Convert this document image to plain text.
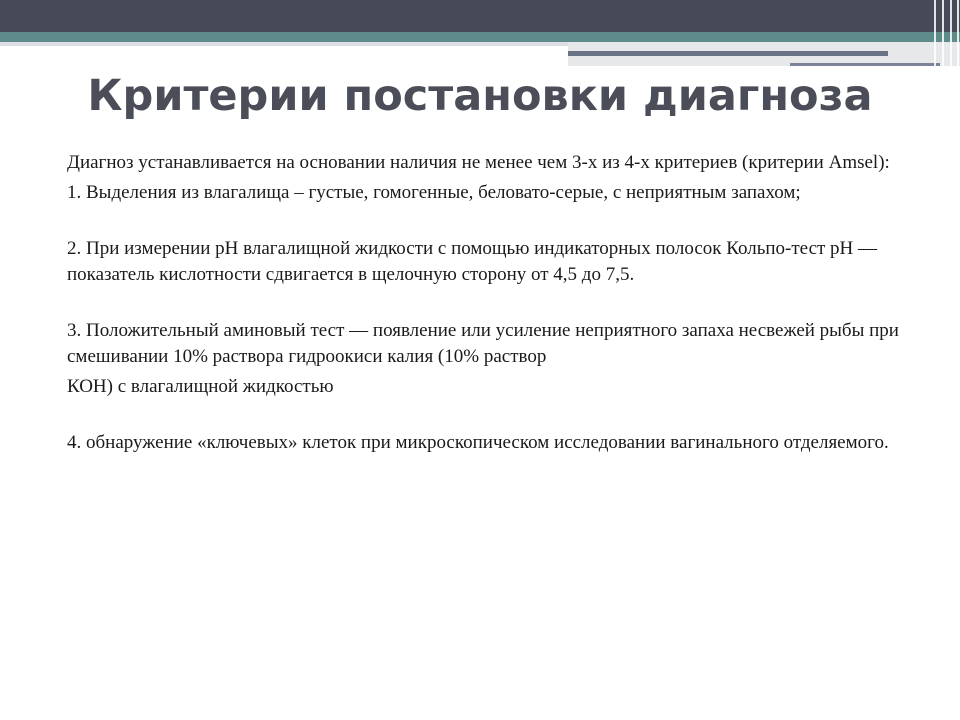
Критерии постановки диагноза

Диагноз устанавливается на основании наличия не менее чем 3-х из 4-х критериев (критерии Amsel):

1. Выделения из влагалища – густые, гомогенные, беловато-серые, с неприятным запахом;

2. При измерении pH влагалищной жидкости с помощью индикаторных полосок Кольпо-тест pH — показатель кислотности сдвигается в щелочную сторону от 4,5 до 7,5.

3. Положительный аминовый тест — появление или усиление неприятного запаха несвежей рыбы при смешивании 10% раствора гидроокиси калия (10% раствор

КОН) с влагалищной жидкостью

4. обнаружение «ключевых» клеток при микроскопическом исследовании вагинального отделяемого.
